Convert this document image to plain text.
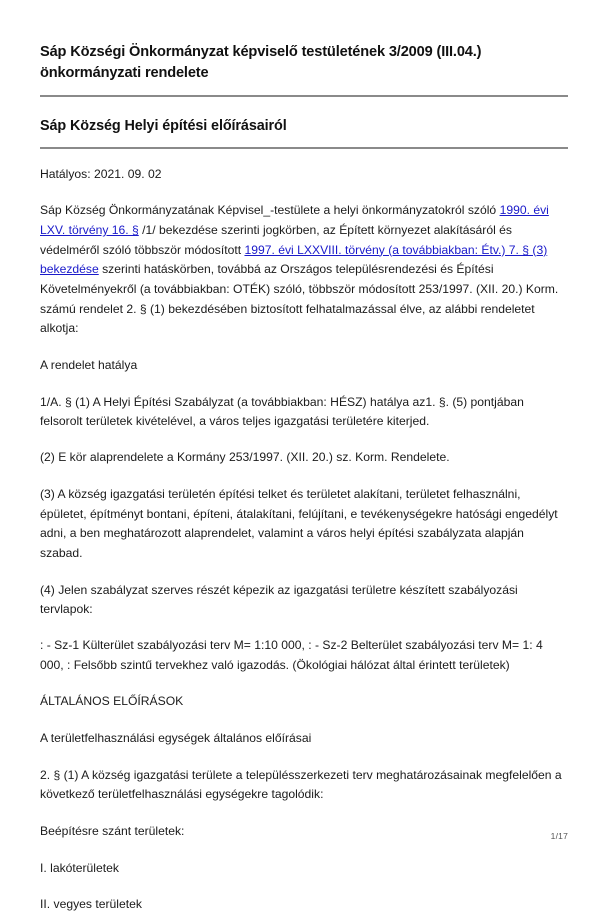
Sáp Községi Önkormányzat képviselő testületének 3/2009 (III.04.) önkormányzati rendelete
Sáp Község Helyi építési előírásairól

Hatályos: 2021. 09. 02

Sáp Község Önkormányzatának Képvisel_-testülete a helyi önkormányzatokról szóló 1990. évi LXV. törvény 16. § /1/ bekezdése szerinti jogkörben, az Épített környezet alakításáról és védelméről szóló többször módosított 1997. évi LXXVIII. törvény (a továbbiakban: Étv.) 7. § (3) bekezdése szerinti hatáskörben, továbbá az Országos településrendezési és Építési Követelményekről (a továbbiakban: OTÉK) szóló, többször módosított 253/1997. (XII. 20.) Korm. számú rendelet 2. § (1) bekezdésében biztosított felhatalmazással élve, az alábbi rendeletet alkotja:

A rendelet hatálya

1/A. § (1) A Helyi Építési Szabályzat (a továbbiakban: HÉSZ) hatálya az1. §. (5) pontjában felsorolt területek kivételével, a város teljes igazgatási területére kiterjed.

(2) E kör alaprendelete a Kormány 253/1997. (XII. 20.) sz. Korm. Rendelete.

(3) A község igazgatási területén építési telket és területet alakítani, területet felhasználni, épületet, építményt bontani, építeni, átalakítani, felújítani, e tevékenységekre hatósági engedélyt adni, a ben meghatározott alaprendelet, valamint a város helyi építési szabályzata alapján szabad.

(4) Jelen szabályzat szerves részét képezik az igazgatási területre készített szabályozási tervlapok:

: - Sz-1 Külterület szabályozási terv M= 1:10 000, : - Sz-2 Belterület szabályozási terv M= 1: 4 000, : Felsőbb szintű tervekhez való igazodás. (Ökológiai hálózat által érintett területek)

ÁLTALÁNOS ELŐÍRÁSOK

A területfelhasználási egységek általános előírásai

2. § (1) A község igazgatási területe a településszerkezeti terv meghatározásainak megfelelően a következő területfelhasználási egységekre tagolódik:

Beépítésre szánt területek:

I. lakóterületek

II. vegyes területek

1/17
